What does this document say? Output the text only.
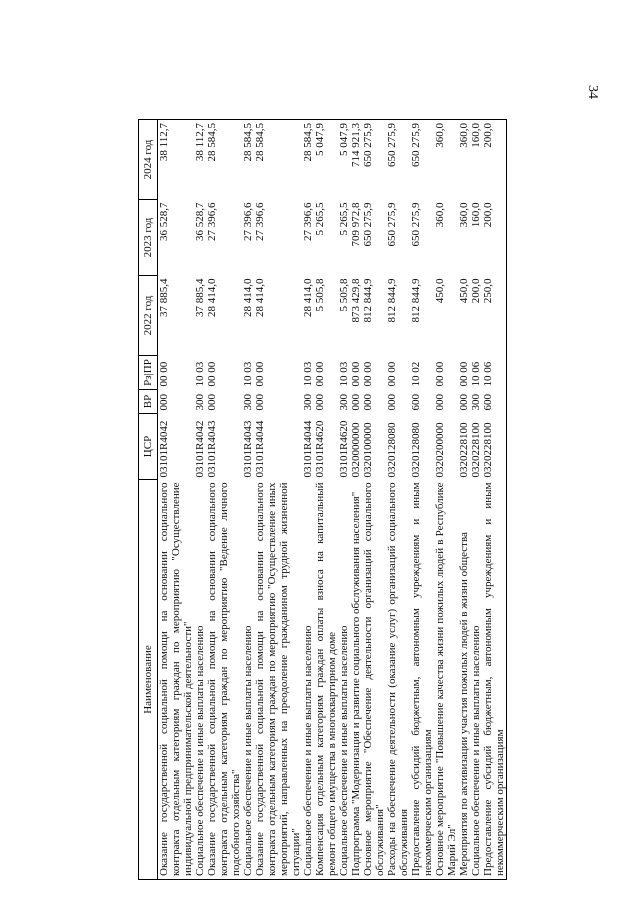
34
Наименование	ЦСР	ВР	Рз|ПР	2022 год	2023 год	2024 год
Оказание государственной социальной помощи на основании социального контракта отдельным категориям граждан по мероприятию "Осуществление индивидуальной предпринимательской деятельности"	03101R4042	000	00 00	37 885,4	36 528,7	38 112,7
Социальное обеспечение и иные выплаты населению	03101R4042	300	10 03	37 885,4	36 528,7	38 112,7
Оказание государственной социальной помощи на основании социального контракта отдельным категориям граждан по мероприятию "Ведение личного подсобного хозяйства"	03101R4043	000	00 00	28 414,0	27 396,6	28 584,5
Социальное обеспечение и иные выплаты населению	03101R4043	300	10 03	28 414,0	27 396,6	28 584,5
Оказание государственной социальной помощи на основании социального контракта отдельным категориям граждан по мероприятию "Осуществление иных мероприятий, направленных на преодоление гражданином трудной жизненной ситуации"	03101R4044	000	00 00	28 414,0	27 396,6	28 584,5
Социальное обеспечение и иные выплаты населению	03101R4044	300	10 03	28 414,0	27 396,6	28 584,5
Компенсация отдельным категориям граждан оплаты взноса на капитальный ремонт общего имущества в многоквартирном доме	03101R4620	000	00 00	5 505,8	5 265,5	5 047,9
Социальное обеспечение и иные выплаты населению	03101R4620	300	10 03	5 505,8	5 265,5	5 047,9
Подпрограмма "Модернизация и развитие социального обслуживания населения"	0320000000	000	00 00	873 429,8	709 972,8	714 921,3
Основное мероприятие "Обеспечение деятельности организаций социального обслуживания"	0320100000	000	00 00	812 844,9	650 275,9	650 275,9
Расходы на обеспечение деятельности (оказание услуг) организаций социального обслуживания	0320128080	000	00 00	812 844,9	650 275,9	650 275,9
Предоставление субсидий бюджетным, автономным учреждениям и иным некоммерческим организациям	0320128080	600	10 02	812 844,9	650 275,9	650 275,9
Основное мероприятие "Повышение качества жизни пожилых людей в Республике Марий Эл"	0320200000	000	00 00	450,0	360,0	360,0
Мероприятия по активизации участия пожилых людей в жизни общества	0320228100	000	00 00	450,0	360,0	360,0
Социальное обеспечение и иные выплаты населению	0320228100	300	10 06	200,0	160,0	160,0
Предоставление субсидий бюджетным, автономным учреждениям и иным некоммерческим организациям	0320228100	600	10 06	250,0	200,0	200,0
